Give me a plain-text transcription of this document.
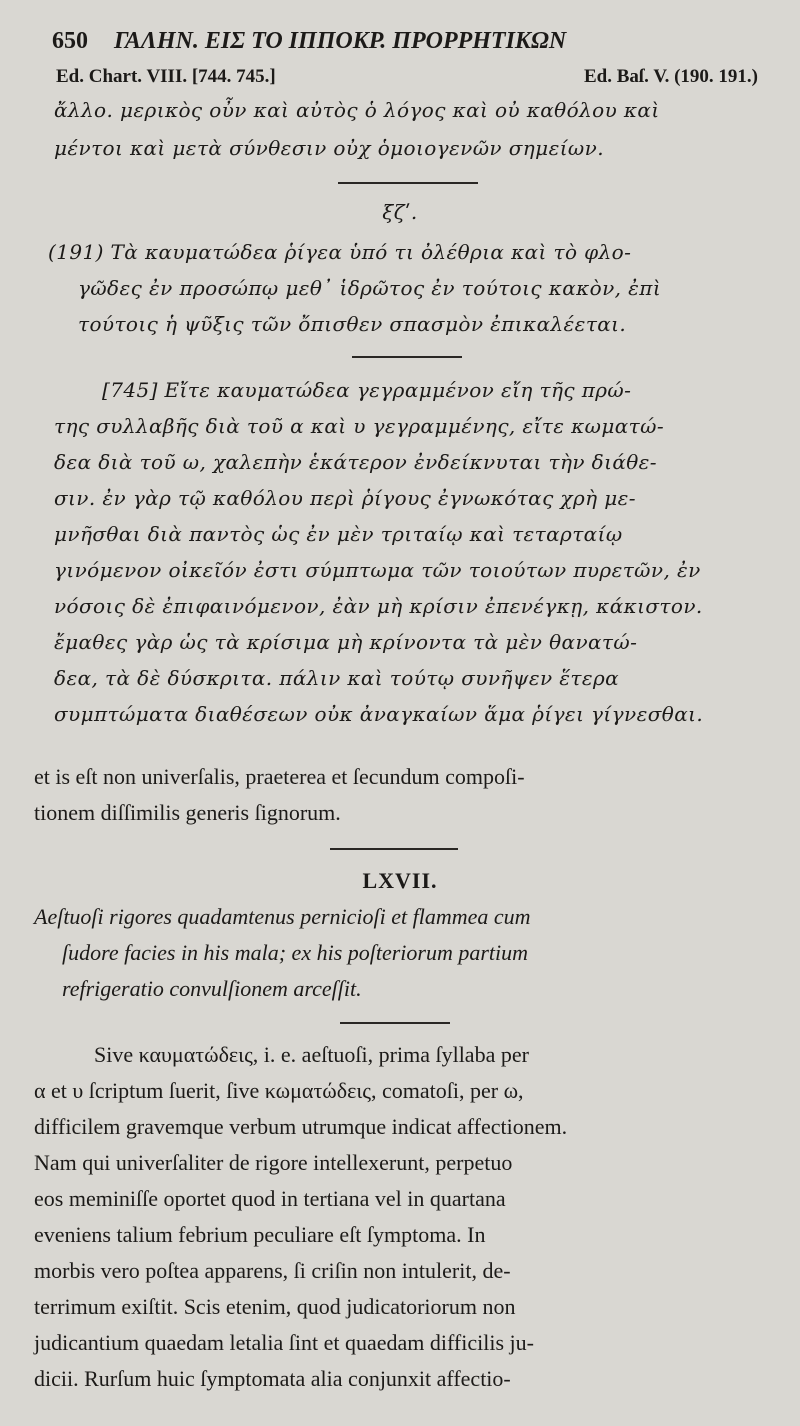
650 ΓΑΛΗΝ. ΕΙΣ ΤΟ ΙΠΠΟΚΡ. ΠΡΟΡΡΗΤΙΚΩΝ
Ed. Chart. VIII. [744. 745.]	Ed. Baſ. V. (190. 191.)
ἄλλο. μερικὸς οὖν καὶ αὐτὸς ὁ λόγος καὶ οὐ καθόλου καὶ
μέντοι καὶ μετὰ σύνθεσιν οὐχ ὁμοιογενῶν σημείων.
ξζʹ.
(191) Τὰ καυματώδεα ῥίγεα ὑπό τι ὀλέθρια καὶ τὸ φλο-
γῶδες ἐν προσώπῳ μεθ᾽ ἱδρῶτος ἐν τούτοις κακὸν, ἐπὶ
τούτοις ἡ ψῦξις τῶν ὄπισθεν σπασμὸν ἐπικαλέεται.
[745] Εἴτε καυματώδεα γεγραμμένον εἴη τῆς πρώ-
της συλλαβῆς διὰ τοῦ α καὶ υ γεγραμμένης, εἴτε κωματώ-
δεα διὰ τοῦ ω, χαλεπὴν ἑκάτερον ἐνδείκνυται τὴν διάθε-
σιν. ἐν γὰρ τῷ καθόλου περὶ ῥίγους ἐγνωκότας χρὴ με-
μνῆσθαι διὰ παντὸς ὡς ἐν μὲν τριταίῳ καὶ τεταρταίῳ
γινόμενον οἰκεῖόν ἐστι σύμπτωμα τῶν τοιούτων πυρετῶν, ἐν
νόσοις δὲ ἐπιφαινόμενον, ἐὰν μὴ κρίσιν ἐπενέγκῃ, κάκιστον.
ἔμαθες γὰρ ὡς τὰ κρίσιμα μὴ κρίνοντα τὰ μὲν θανατώ-
δεα, τὰ δὲ δύσκριτα. πάλιν καὶ τούτῳ συνῆψεν ἕτερα
συμπτώματα διαθέσεων οὐκ ἀναγκαίων ἅμα ῥίγει γίγνεσθαι.
et is eſt non univerſalis, praeterea et ſecundum compoſi-
tionem diſſimilis generis ſignorum.
LXVII.
Aeſtuoſi rigores quadamtenus pernicioſi et flammea cum
ſudore facies in his mala; ex his poſteriorum partium
refrigeratio convulſionem arceſſit.
Sive καυματώδεις, i. e. aeſtuoſi, prima ſyllaba per
α et υ ſcriptum ſuerit, ſive κωματώδεις, comatoſi, per ω,
difficilem gravemque verbum utrumque indicat affectionem.
Nam qui univerſaliter de rigore intellexerunt, perpetuo
eos meminiſſe oportet quod in tertiana vel in quartana
eveniens talium febrium peculiare eſt ſymptoma. In
morbis vero poſtea apparens, ſi criſin non intulerit, de-
terrimum exiſtit. Scis etenim, quod judicatoriorum non
judicantium quaedam letalia ſint et quaedam difficilis ju-
dicii. Rurſum huic ſymptomata alia conjunxit affectio-
